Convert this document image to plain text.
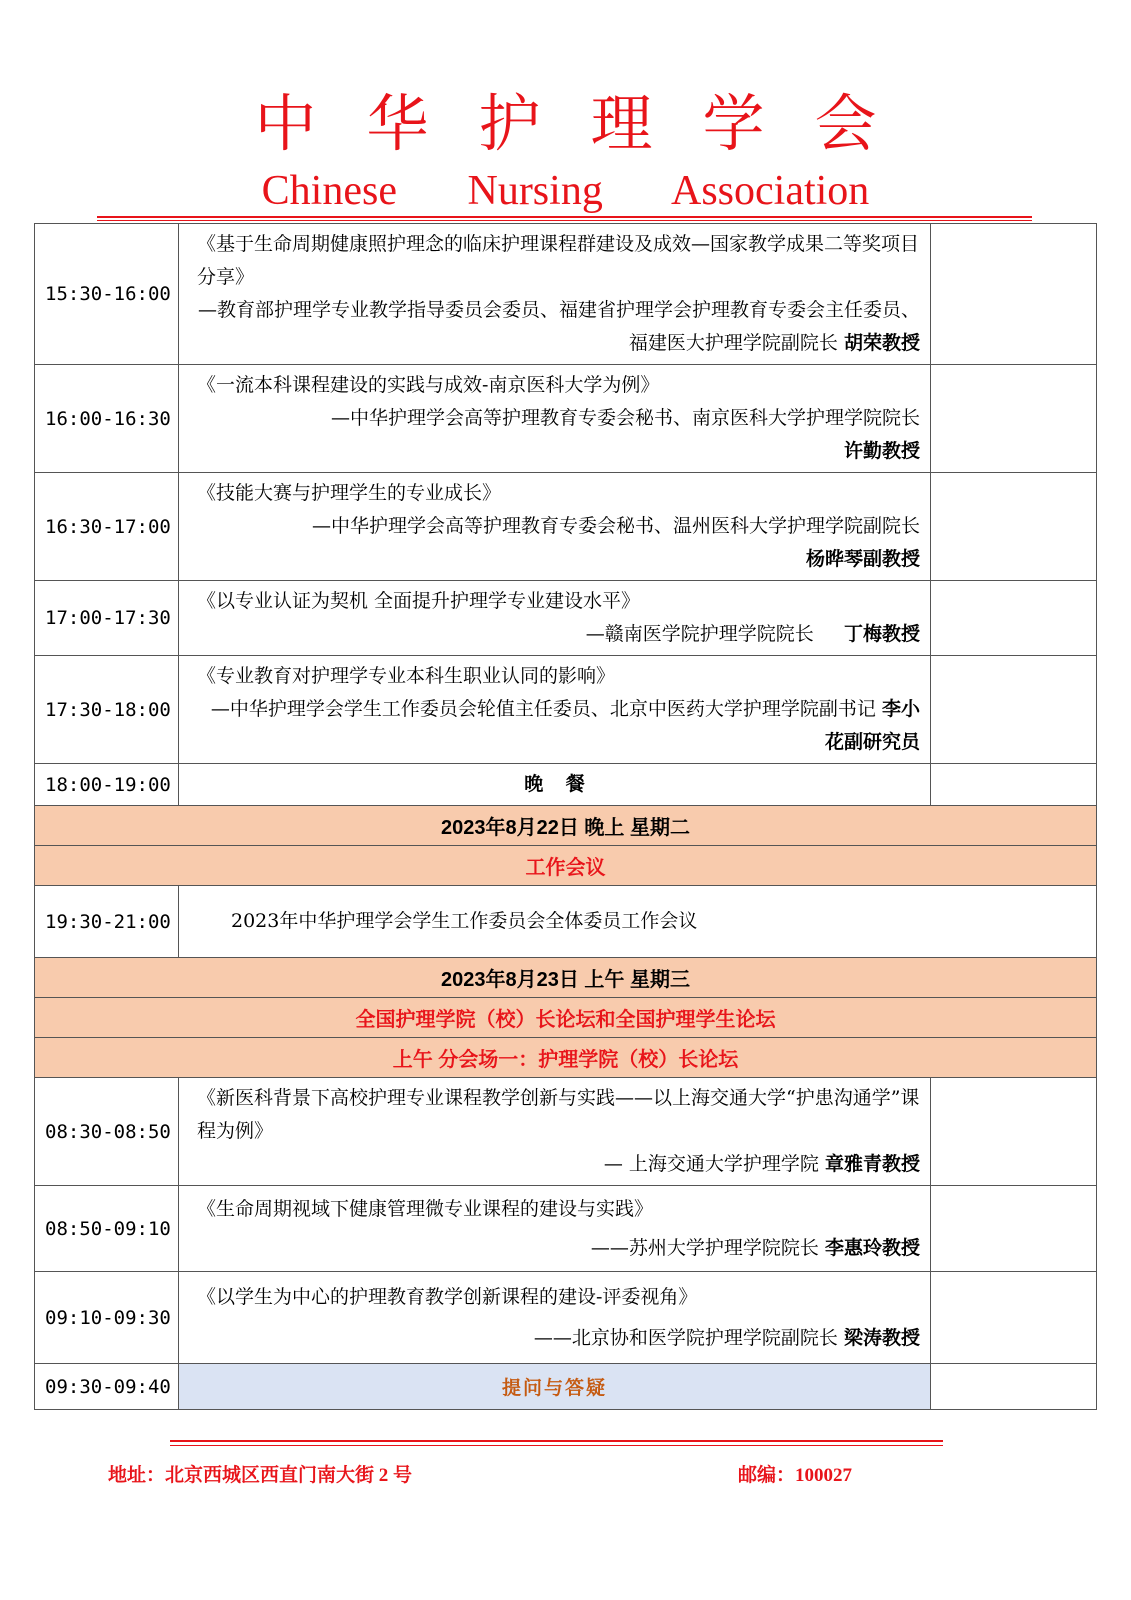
中华护理学会
Chinese Nursing Association
15:30-16:00	《基于生命周期健康照护理念的临床护理课程群建设及成效—国家教学成果二等奖项目分享》
—教育部护理学专业教学指导委员会委员、福建省护理学会护理教育专委会主任委员、福建医大护理学院副院长 胡荣教授	

16:00-16:30	《一流本科课程建设的实践与成效-南京医科大学为例》
—中华护理学会高等护理教育专委会秘书、南京医科大学护理学院院长
许勤教授	

16:30-17:00	《技能大赛与护理学生的专业成长》
—中华护理学会高等护理教育专委会秘书、温州医科大学护理学院副院长
杨晔琴副教授	

17:00-17:30	《以专业认证为契机 全面提升护理学专业建设水平》
—赣南医学院护理学院院长 丁梅教授	

17:30-18:00	《专业教育对护理学专业本科生职业认同的影响》
—中华护理学会学生工作委员会轮值主任委员、北京中医药大学护理学院副书记 李小花副研究员	

18:00-19:00	晚 餐	
2023年8月22日 晚上 星期二		
工作会议		
19:30-21:00	2023年中华护理学会学生工作委员会全体委员工作会议	
2023年8月23日 上午 星期三		
全国护理学院（校）长论坛和全国护理学生论坛		
上午 分会场一：护理学院（校）长论坛		
08:30-08:50	《新医科背景下高校护理专业课程教学创新与实践——以上海交通大学“护患沟通学”课程为例》
— 上海交通大学护理学院 章雅青教授	

08:50-09:10	《生命周期视域下健康管理微专业课程的建设与实践》
——苏州大学护理学院院长 李惠玲教授	

09:10-09:30	《以学生为中心的护理教育教学创新课程的建设-评委视角》
——北京协和医学院护理学院副院长 梁涛教授	

09:30-09:40	提问与答疑	
地址：北京西城区西直门南大街 2 号	邮编：100027
